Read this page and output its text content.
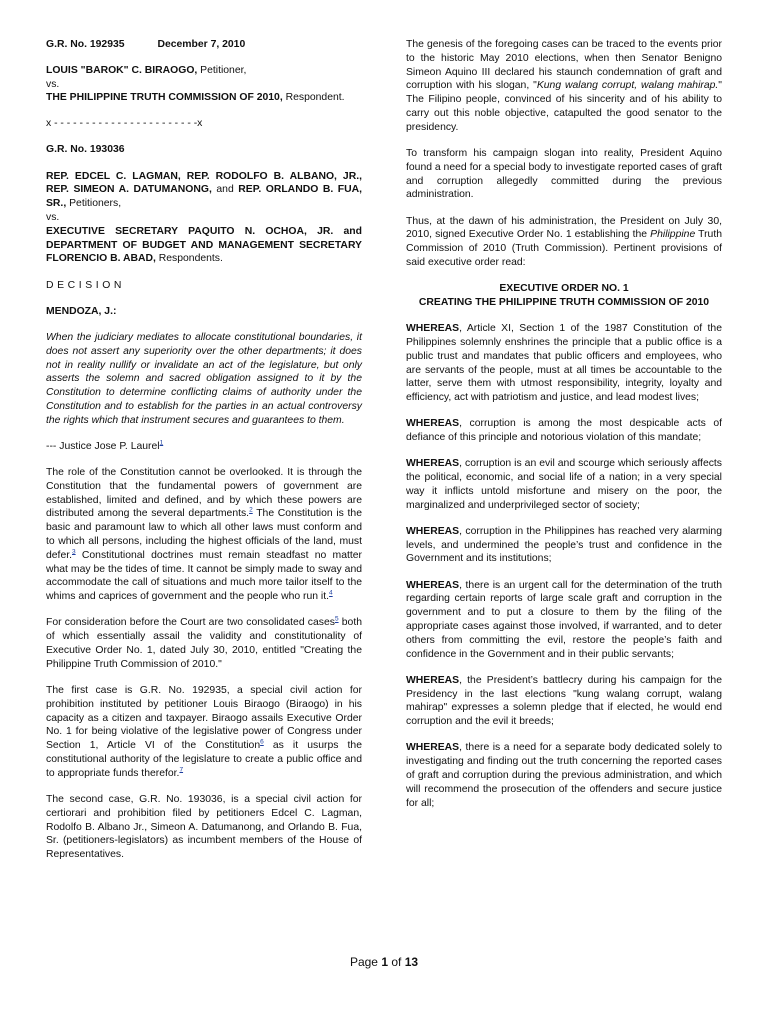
G.R. No. 192935	December 7, 2010

LOUIS "BAROK" C. BIRAOGO, Petitioner,
vs.
THE PHILIPPINE TRUTH COMMISSION OF 2010, Respondent.

x - - - - - - - - - - - - - - - - - - - - - - -x

G.R. No. 193036

REP. EDCEL C. LAGMAN, REP. RODOLFO B. ALBANO, JR., REP. SIMEON A. DATUMANONG, and REP. ORLANDO B. FUA, SR., Petitioners,
vs.
EXECUTIVE SECRETARY PAQUITO N. OCHOA, JR. and DEPARTMENT OF BUDGET AND MANAGEMENT SECRETARY FLORENCIO B. ABAD, Respondents.

DECISION

MENDOZA, J.:

When the judiciary mediates to allocate constitutional boundaries, it does not assert any superiority over the other departments; it does not in reality nullify or invalidate an act of the legislature, but only asserts the solemn and sacred obligation assigned to it by the Constitution to determine conflicting claims of authority under the Constitution and to establish for the parties in an actual controversy the rights which that instrument secures and guarantees to them.

--- Justice Jose P. Laurel$^1$

The role of the Constitution cannot be overlooked. It is through the Constitution that the fundamental powers of government are established, limited and defined, and by which these powers are distributed among the several departments.$^2$ The Constitution is the basic and paramount law to which all other laws must conform and to which all persons, including the highest officials of the land, must defer.$^3$ Constitutional doctrines must remain steadfast no matter what may be the tides of time. It cannot be simply made to sway and accommodate the call of situations and much more tailor itself to the whims and caprices of government and the people who run it.$^4$

For consideration before the Court are two consolidated cases$^5$ both of which essentially assail the validity and constitutionality of Executive Order No. 1, dated July 30, 2010, entitled "Creating the Philippine Truth Commission of 2010."

The first case is G.R. No. 192935, a special civil action for prohibition instituted by petitioner Louis Biraogo (Biraogo) in his capacity as a citizen and taxpayer. Biraogo assails Executive Order No. 1 for being violative of the legislative power of Congress under Section 1, Article VI of the Constitution$^6$ as it usurps the constitutional authority of the legislature to create a public office and to appropriate funds therefor.$^7$

The second case, G.R. No. 193036, is a special civil action for certiorari and prohibition filed by petitioners Edcel C. Lagman, Rodolfo B. Albano Jr., Simeon A. Datumanong, and Orlando B. Fua, Sr. (petitioners-legislators) as incumbent members of the House of Representatives.

The genesis of the foregoing cases can be traced to the events prior to the historic May 2010 elections, when then Senator Benigno Simeon Aquino III declared his staunch condemnation of graft and corruption with his slogan, "Kung walang corrupt, walang mahirap." The Filipino people, convinced of his sincerity and of his ability to carry out this noble objective, catapulted the good senator to the presidency.

To transform his campaign slogan into reality, President Aquino found a need for a special body to investigate reported cases of graft and corruption allegedly committed during the previous administration.

Thus, at the dawn of his administration, the President on July 30, 2010, signed Executive Order No. 1 establishing the Philippine Truth Commission of 2010 (Truth Commission). Pertinent provisions of said executive order read:

EXECUTIVE ORDER NO. 1
CREATING THE PHILIPPINE TRUTH COMMISSION OF 2010

WHEREAS, Article XI, Section 1 of the 1987 Constitution of the Philippines solemnly enshrines the principle that a public office is a public trust and mandates that public officers and employees, who are servants of the people, must at all times be accountable to the latter, serve them with utmost responsibility, integrity, loyalty and efficiency, act with patriotism and justice, and lead modest lives;

WHEREAS, corruption is among the most despicable acts of defiance of this principle and notorious violation of this mandate;

WHEREAS, corruption is an evil and scourge which seriously affects the political, economic, and social life of a nation; in a very special way it inflicts untold misfortune and misery on the poor, the marginalized and underprivileged sector of society;

WHEREAS, corruption in the Philippines has reached very alarming levels, and undermined the people’s trust and confidence in the Government and its institutions;

WHEREAS, there is an urgent call for the determination of the truth regarding certain reports of large scale graft and corruption in the government and to put a closure to them by the filing of the appropriate cases against those involved, if warranted, and to deter others from committing the evil, restore the people’s faith and confidence in the Government and in their public servants;

WHEREAS, the President’s battlecry during his campaign for the Presidency in the last elections "kung walang corrupt, walang mahirap" expresses a solemn pledge that if elected, he would end corruption and the evil it breeds;

WHEREAS, there is a need for a separate body dedicated solely to investigating and finding out the truth concerning the reported cases of graft and corruption during the previous administration, and which will recommend the prosecution of the offenders and secure justice for all;

Page 1 of 13
